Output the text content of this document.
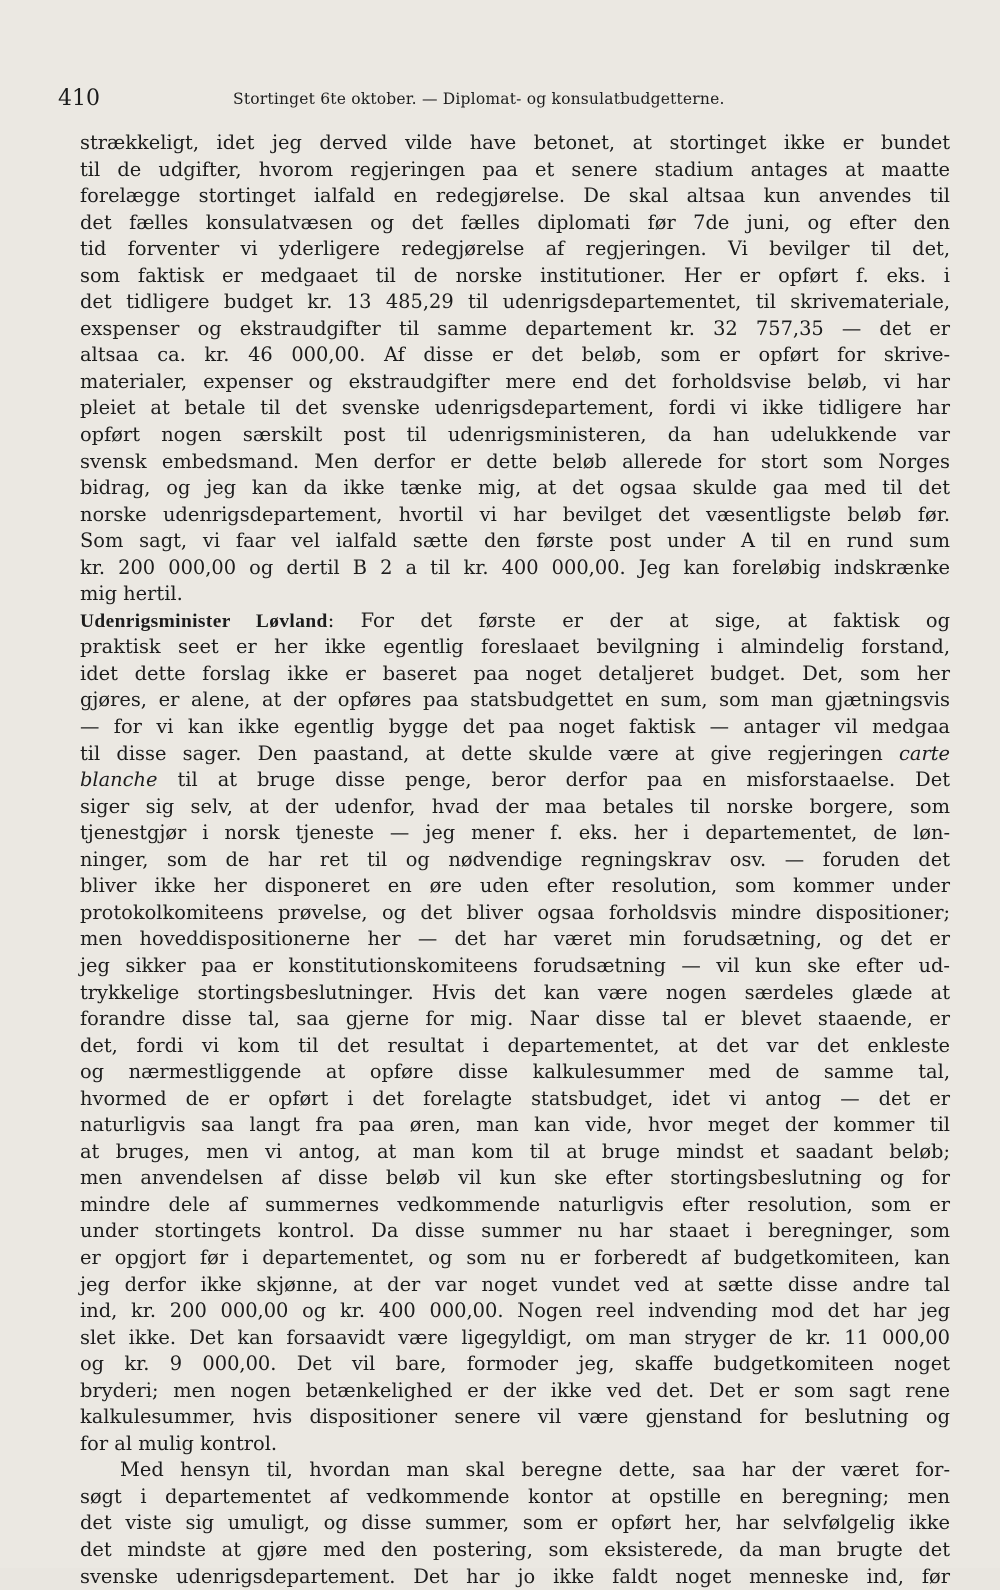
410	Stortinget 6te oktober. — Diplomat- og konsulatbudgetterne.
strækkeligt, idet jeg derved vilde have betonet, at stortinget ikke er bundet
til de udgifter, hvorom regjeringen paa et senere stadium antages at maatte
forelægge stortinget ialfald en redegjørelse. De skal altsaa kun anvendes til
det fælles konsulatvæsen og det fælles diplomati før 7de juni, og efter den
tid forventer vi yderligere redegjørelse af regjeringen. Vi bevilger til det,
som faktisk er medgaaet til de norske institutioner. Her er opført f. eks. i
det tidligere budget kr. 13 485,29 til udenrigsdepartementet, til skrivemateriale,
exspenser og ekstraudgifter til samme departement kr. 32 757,35 — det er
altsaa ca. kr. 46 000,00. Af disse er det beløb, som er opført for skrive-
materialer, expenser og ekstraudgifter mere end det forholdsvise beløb, vi har
pleiet at betale til det svenske udenrigsdepartement, fordi vi ikke tidligere har
opført nogen særskilt post til udenrigsministeren, da han udelukkende var
svensk embedsmand. Men derfor er dette beløb allerede for stort som Norges
bidrag, og jeg kan da ikke tænke mig, at det ogsaa skulde gaa med til det
norske udenrigsdepartement, hvortil vi har bevilget det væsentligste beløb før.
Som sagt, vi faar vel ialfald sætte den første post under A til en rund sum
kr. 200 000,00 og dertil B 2 a til kr. 400 000,00. Jeg kan foreløbig indskrænke
mig hertil.
Udenrigsminister Løvland: For det første er der at sige, at faktisk og
praktisk seet er her ikke egentlig foreslaaet bevilgning i almindelig forstand,
idet dette forslag ikke er baseret paa noget detaljeret budget. Det, som her
gjøres, er alene, at der opføres paa statsbudgettet en sum, som man gjætningsvis
— for vi kan ikke egentlig bygge det paa noget faktisk — antager vil medgaa
til disse sager. Den paastand, at dette skulde være at give regjeringen carte
blanche til at bruge disse penge, beror derfor paa en misforstaaelse. Det
siger sig selv, at der udenfor, hvad der maa betales til norske borgere, som
tjenestgjør i norsk tjeneste — jeg mener f. eks. her i departementet, de løn-
ninger, som de har ret til og nødvendige regningskrav osv. — foruden det
bliver ikke her disponeret en øre uden efter resolution, som kommer under
protokolkomiteens prøvelse, og det bliver ogsaa forholdsvis mindre dispositioner;
men hoveddispositionerne her — det har været min forudsætning, og det er
jeg sikker paa er konstitutionskomiteens forudsætning — vil kun ske efter ud-
trykkelige stortingsbeslutninger. Hvis det kan være nogen særdeles glæde at
forandre disse tal, saa gjerne for mig. Naar disse tal er blevet staaende, er
det, fordi vi kom til det resultat i departementet, at det var det enkleste
og nærmestliggende at opføre disse kalkulesummer med de samme tal,
hvormed de er opført i det forelagte statsbudget, idet vi antog — det er
naturligvis saa langt fra paa øren, man kan vide, hvor meget der kommer til
at bruges, men vi antog, at man kom til at bruge mindst et saadant beløb;
men anvendelsen af disse beløb vil kun ske efter stortingsbeslutning og for
mindre dele af summernes vedkommende naturligvis efter resolution, som er
under stortingets kontrol. Da disse summer nu har staaet i beregninger, som
er opgjort før i departementet, og som nu er forberedt af budgetkomiteen, kan
jeg derfor ikke skjønne, at der var noget vundet ved at sætte disse andre tal
ind, kr. 200 000,00 og kr. 400 000,00. Nogen reel indvending mod det har jeg
slet ikke. Det kan forsaavidt være ligegyldigt, om man stryger de kr. 11 000,00
og kr. 9 000,00. Det vil bare, formoder jeg, skaffe budgetkomiteen noget
bryderi; men nogen betænkelighed er der ikke ved det. Det er som sagt rene
kalkulesummer, hvis dispositioner senere vil være gjenstand for beslutning og
for al mulig kontrol.
Med hensyn til, hvordan man skal beregne dette, saa har der været for-
søgt i departementet af vedkommende kontor at opstille en beregning; men
det viste sig umuligt, og disse summer, som er opført her, har selvfølgelig ikke
det mindste at gjøre med den postering, som eksisterede, da man brugte det
svenske udenrigsdepartement. Det har jo ikke faldt noget menneske ind, før
